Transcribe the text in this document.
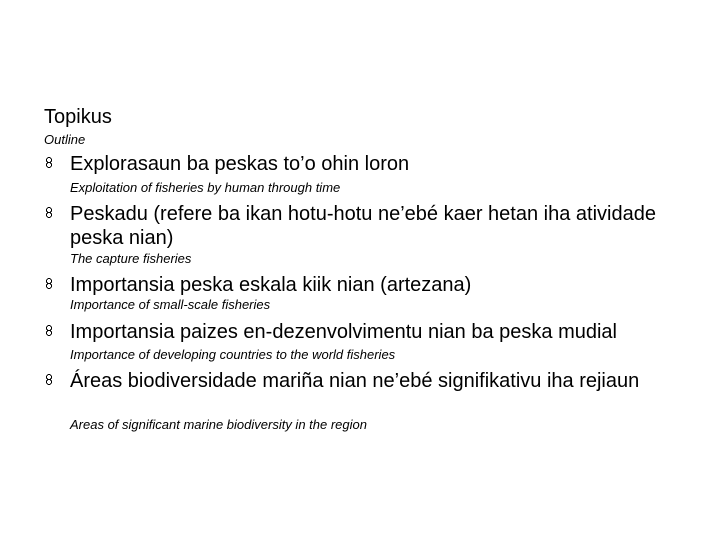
Topikus
Outline
Explorasaun ba peskas to’o ohin loron
Exploitation of fisheries by human through time
Peskadu (refere ba ikan hotu-hotu ne’ebé kaer hetan iha atividade peska nian)
The capture fisheries
Importansia peska eskala kiik nian (artezana)
Importance of small-scale fisheries
Importansia paizes en-dezenvolvimentu nian ba peska mudial
Importance of developing countries to the world fisheries
Áreas biodiversidade mariña nian ne’ebé signifikativu iha rejiaun
Areas of significant marine biodiversity in the region
